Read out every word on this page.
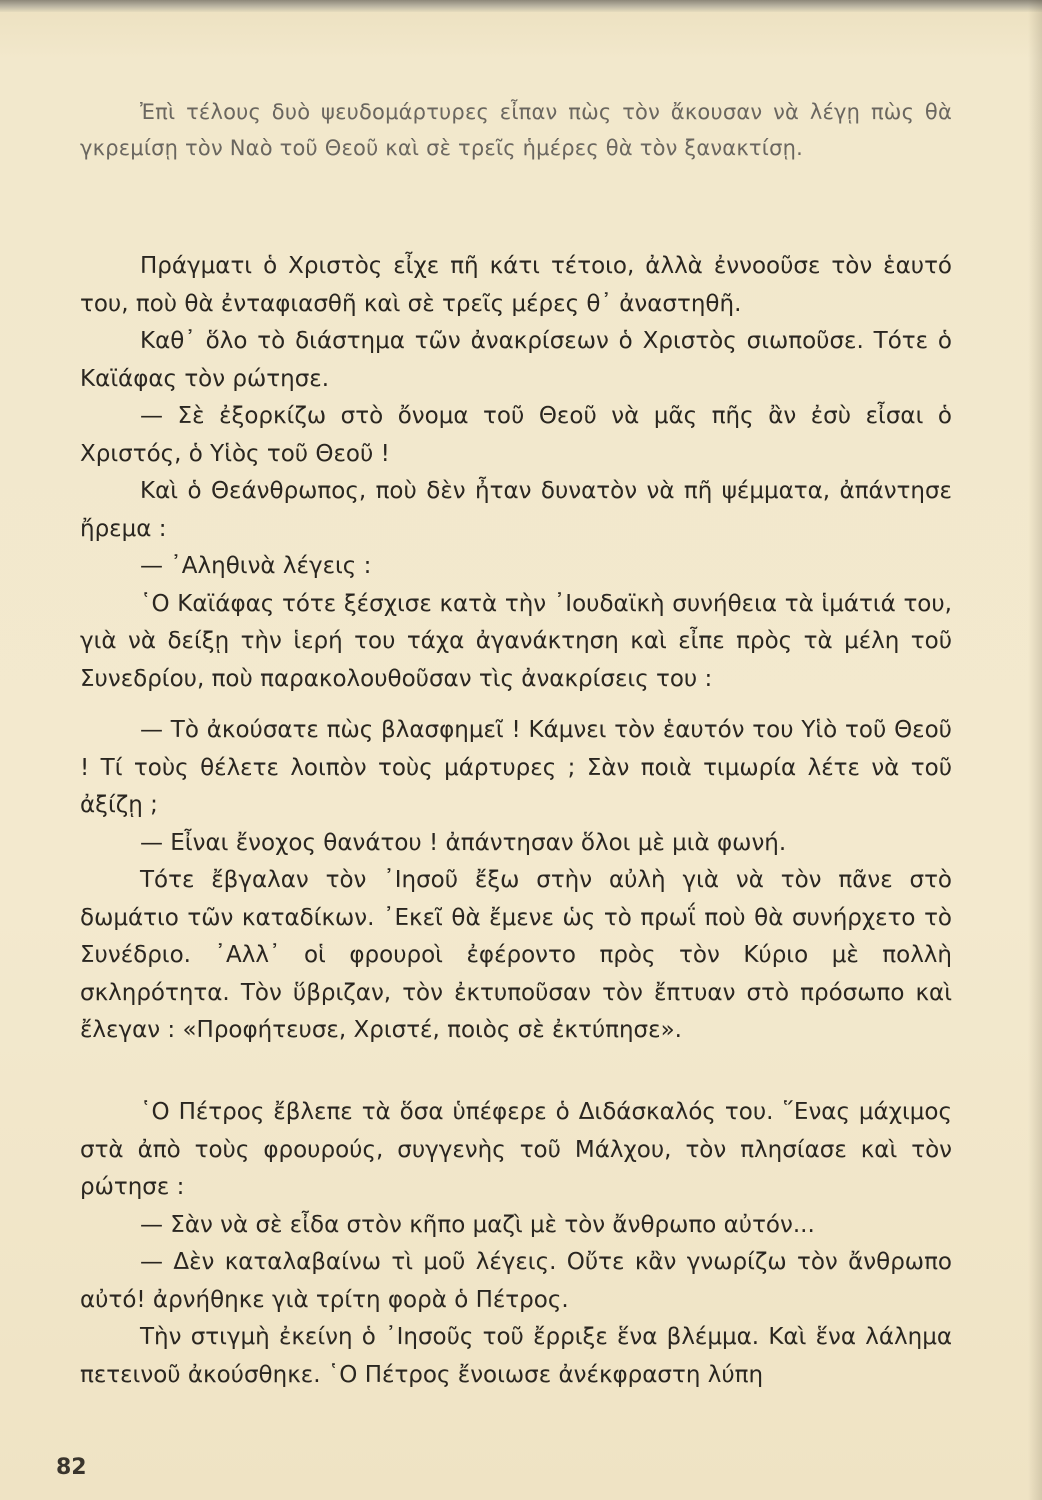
Ἐπὶ τέλους δυὸ ψευδομάρτυρες εἶπαν πὼς τὸν ἄκουσαν νὰ λέγῃ πὼς θὰ γκρεμίσῃ τὸν Ναὸ τοῦ Θεοῦ καὶ σὲ τρεῖς ἡμέρες θὰ τὸν ξανακτίσῃ.

Πράγματι ὁ Χριστὸς εἶχε πῆ κάτι τέτοιο, ἀλλὰ ἐννοοῦσε τὸν ἑαυτό του, ποὺ θὰ ἐνταφιασθῆ καὶ σὲ τρεῖς μέρες θ᾽ ἀναστηθῆ.

Καθ᾽ ὅλο τὸ διάστημα τῶν ἀνακρίσεων ὁ Χριστὸς σιωποῦσε. Τότε ὁ Καϊάφας τὸν ρώτησε.

— Σὲ ἐξορκίζω στὸ ὄνομα τοῦ Θεοῦ νὰ μᾶς πῆς ἂν ἐσὺ εἶσαι ὁ Χριστός, ὁ Υἱὸς τοῦ Θεοῦ !

Καὶ ὁ Θεάνθρωπος, ποὺ δὲν ἦταν δυνατὸν νὰ πῆ ψέμματα, ἀπάντησε ἤρεμα :

— ᾽Αληθινὰ λέγεις :

῾Ο Καϊάφας τότε ξέσχισε κατὰ τὴν ᾽Ιουδαϊκὴ συνήθεια τὰ ἱμάτιά του, γιὰ νὰ δείξῃ τὴν ἱερή του τάχα ἀγανάκτηση καὶ εἶπε πρὸς τὰ μέλη τοῦ Συνεδρίου, ποὺ παρακολουθοῦσαν τὶς ἀνακρίσεις του :

— Τὸ ἀκούσατε πὼς βλασφημεῖ ! Κάμνει τὸν ἑαυτόν του Υἱὸ τοῦ Θεοῦ ! Τί τοὺς θέλετε λοιπὸν τοὺς μάρτυρες ; Σὰν ποιὰ τιμωρία λέτε νὰ τοῦ ἀξίζῃ ;

— Εἶναι ἔνοχος θανάτου ! ἀπάντησαν ὅλοι μὲ μιὰ φωνή.

Τότε ἔβγαλαν τὸν ᾽Ιησοῦ ἔξω στὴν αὐλὴ γιὰ νὰ τὸν πᾶνε στὸ δωμάτιο τῶν καταδίκων. ᾽Εκεῖ θὰ ἔμενε ὡς τὸ πρωΐ ποὺ θὰ συνήρχετο τὸ Συνέδριο. ᾽Αλλ᾽ οἱ φρουροὶ ἐφέροντο πρὸς τὸν Κύριο μὲ πολλὴ σκληρότητα. Τὸν ὕβριζαν, τὸν ἐκτυποῦσαν τὸν ἔπτυαν στὸ πρόσωπο καὶ ἔλεγαν : «Προφήτευσε, Χριστέ, ποιὸς σὲ ἐκτύπησε».

῾Ο Πέτρος ἔβλεπε τὰ ὅσα ὑπέφερε ὁ Διδάσκαλός του. ῞Ενας μάχιμος στὰ ἀπὸ τοὺς φρουρούς, συγγενὴς τοῦ Μάλχου, τὸν πλησίασε καὶ τὸν ρώτησε :

— Σὰν νὰ σὲ εἶδα στὸν κῆπο μαζὶ μὲ τὸν ἄνθρωπο αὐτόν...

— Δὲν καταλαβαίνω τὶ μοῦ λέγεις. Οὔτε κἂν γνωρίζω τὸν ἄνθρωπο αὐτό! ἀρνήθηκε γιὰ τρίτη φορὰ ὁ Πέτρος.

Τὴν στιγμὴ ἐκείνη ὁ ᾽Ιησοῦς τοῦ ἔρριξε ἕνα βλέμμα. Καὶ ἕνα λάλημα πετεινοῦ ἀκούσθηκε. ῾Ο Πέτρος ἔνοιωσε ἀνέκφραστη λύπη

82
